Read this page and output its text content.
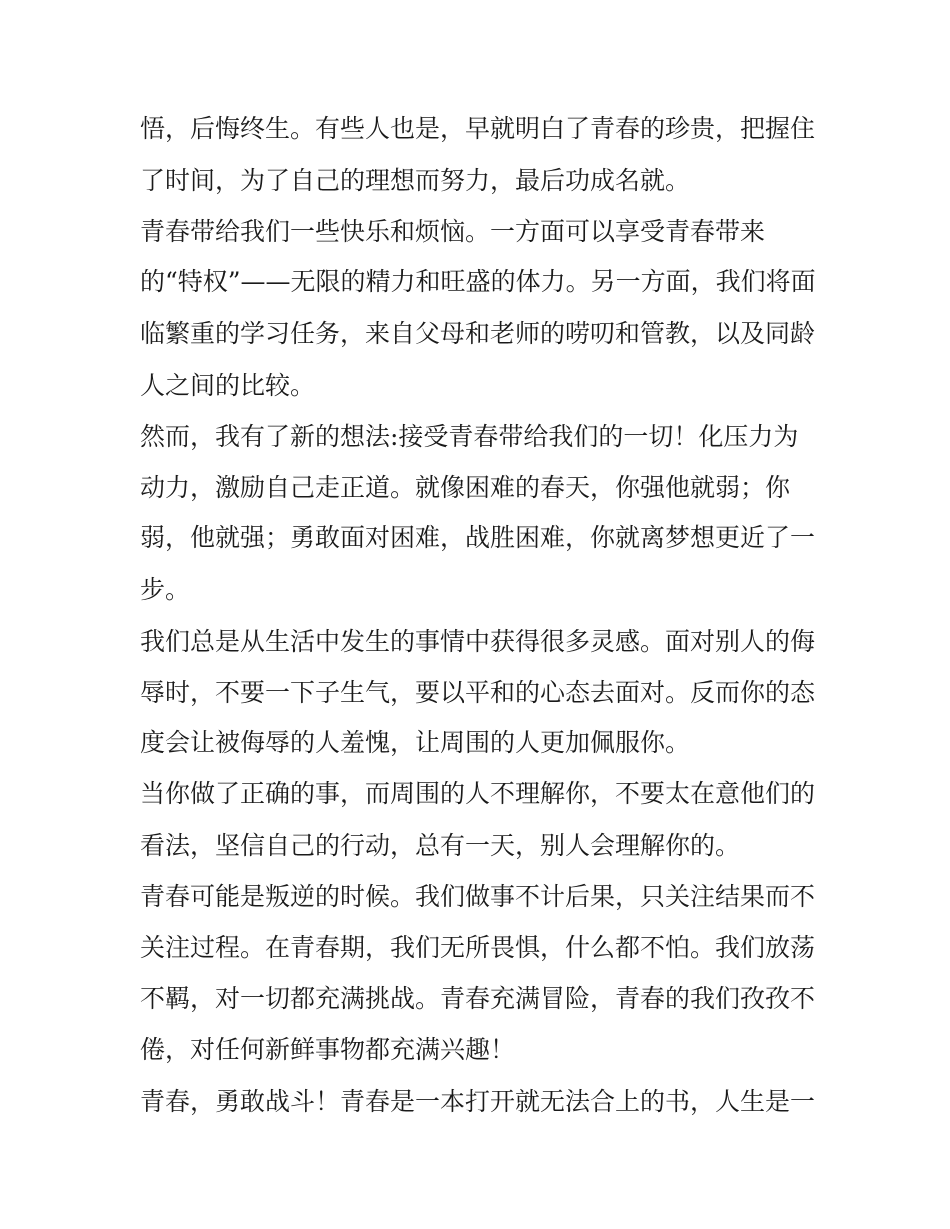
悟，后悔终生。有些人也是，早就明白了青春的珍贵，把握住

了时间，为了自己的理想而努力，最后功成名就。

青春带给我们一些快乐和烦恼。一方面可以享受青春带来

的“特权”——无限的精力和旺盛的体力。另一方面，我们将面

临繁重的学习任务，来自父母和老师的唠叨和管教，以及同龄

人之间的比较。

然而，我有了新的想法:接受青春带给我们的一切！化压力为

动力，激励自己走正道。就像困难的春天，你强他就弱；你

弱，他就强；勇敢面对困难，战胜困难，你就离梦想更近了一

步。

我们总是从生活中发生的事情中获得很多灵感。面对别人的侮

辱时，不要一下子生气，要以平和的心态去面对。反而你的态

度会让被侮辱的人羞愧，让周围的人更加佩服你。

当你做了正确的事，而周围的人不理解你，不要太在意他们的

看法，坚信自己的行动，总有一天，别人会理解你的。

青春可能是叛逆的时候。我们做事不计后果，只关注结果而不

关注过程。在青春期，我们无所畏惧，什么都不怕。我们放荡

不羁，对一切都充满挑战。青春充满冒险，青春的我们孜孜不

倦，对任何新鲜事物都充满兴趣！

青春，勇敢战斗！青春是一本打开就无法合上的书，人生是一
